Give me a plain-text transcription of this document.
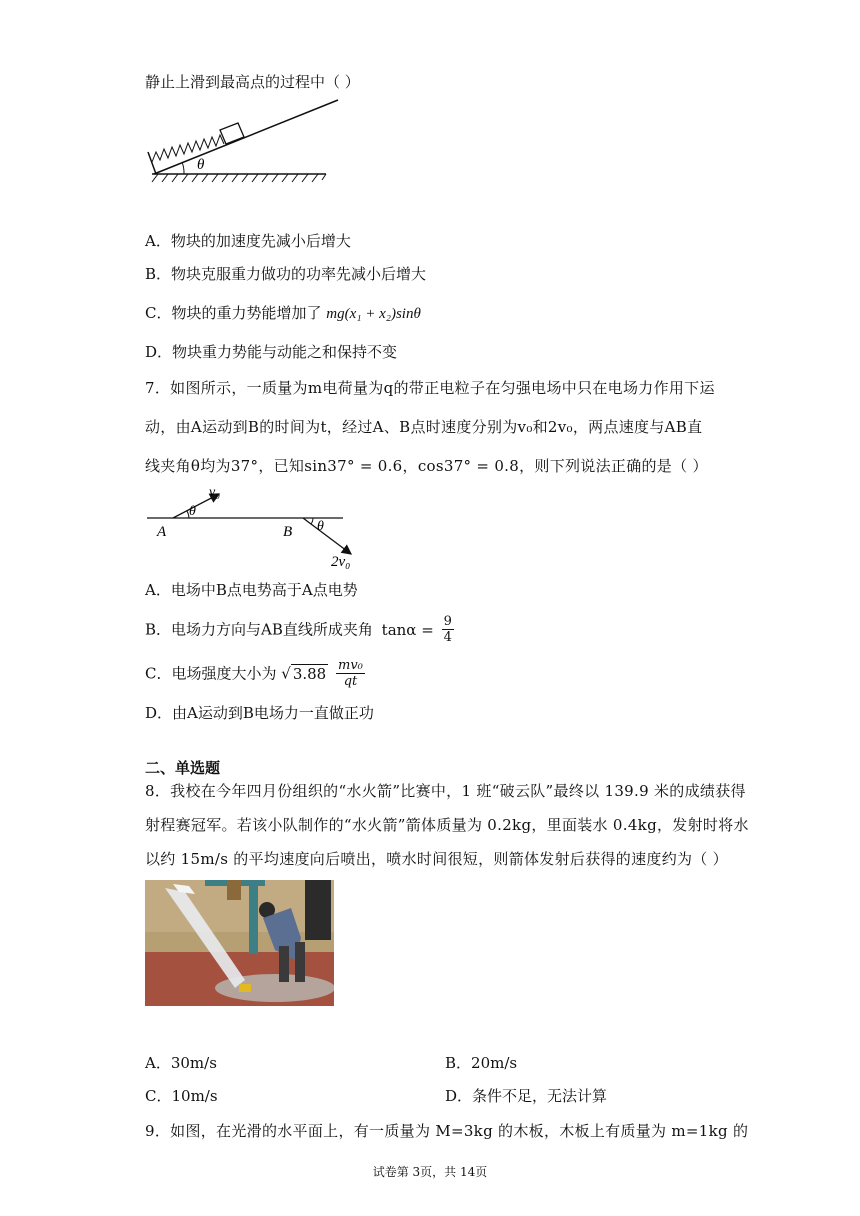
静止上滑到最高点的过程中（ ）
θ
A．物块的加速度先减小后增大
B．物块克服重力做功的功率先减小后增大
C．物块的重力势能增加了 mg(x₁ + x₂)sinθ
D．物块重力势能与动能之和保持不变
7．如图所示，一质量为m电荷量为q的带正电粒子在匀强电场中只在电场力作用下运
动，由A运动到B的时间为t，经过A、B点时速度分别为v₀和2v₀，两点速度与AB直
线夹角θ均为37°，已知sin37° = 0.6，cos37° = 0.8，则下列说法正确的是（ ）
A	B
θ
θ
v₀
2v₀
A．电场中B点电势高于A点电势
B．电场力方向与AB直线所成夹角 $\tan\alpha = \frac{9}{4}$
C．电场强度大小为 √ $3.88 \frac{\text{mv₀}}{qt}$
D．由A运动到B电场力一直做正功
二、单选题
8．我校在今年四月份组织的“水火箭”比赛中，1 班“破云队”最终以 139.9 米的成绩获得
射程赛冠军。若该小队制作的“水火箭”箭体质量为 0.2kg，里面装水 0.4kg，发射时将水
以约 15m/s 的平均速度向后喷出，喷水时间很短，则箭体发射后获得的速度约为（ ）
A．30m/s	B．20m/s
C．10m/s	D．条件不足，无法计算
9．如图，在光滑的水平面上，有一质量为 M=3kg 的木板，木板上有质量为 m=1kg 的
试卷第 3页，共 14页
